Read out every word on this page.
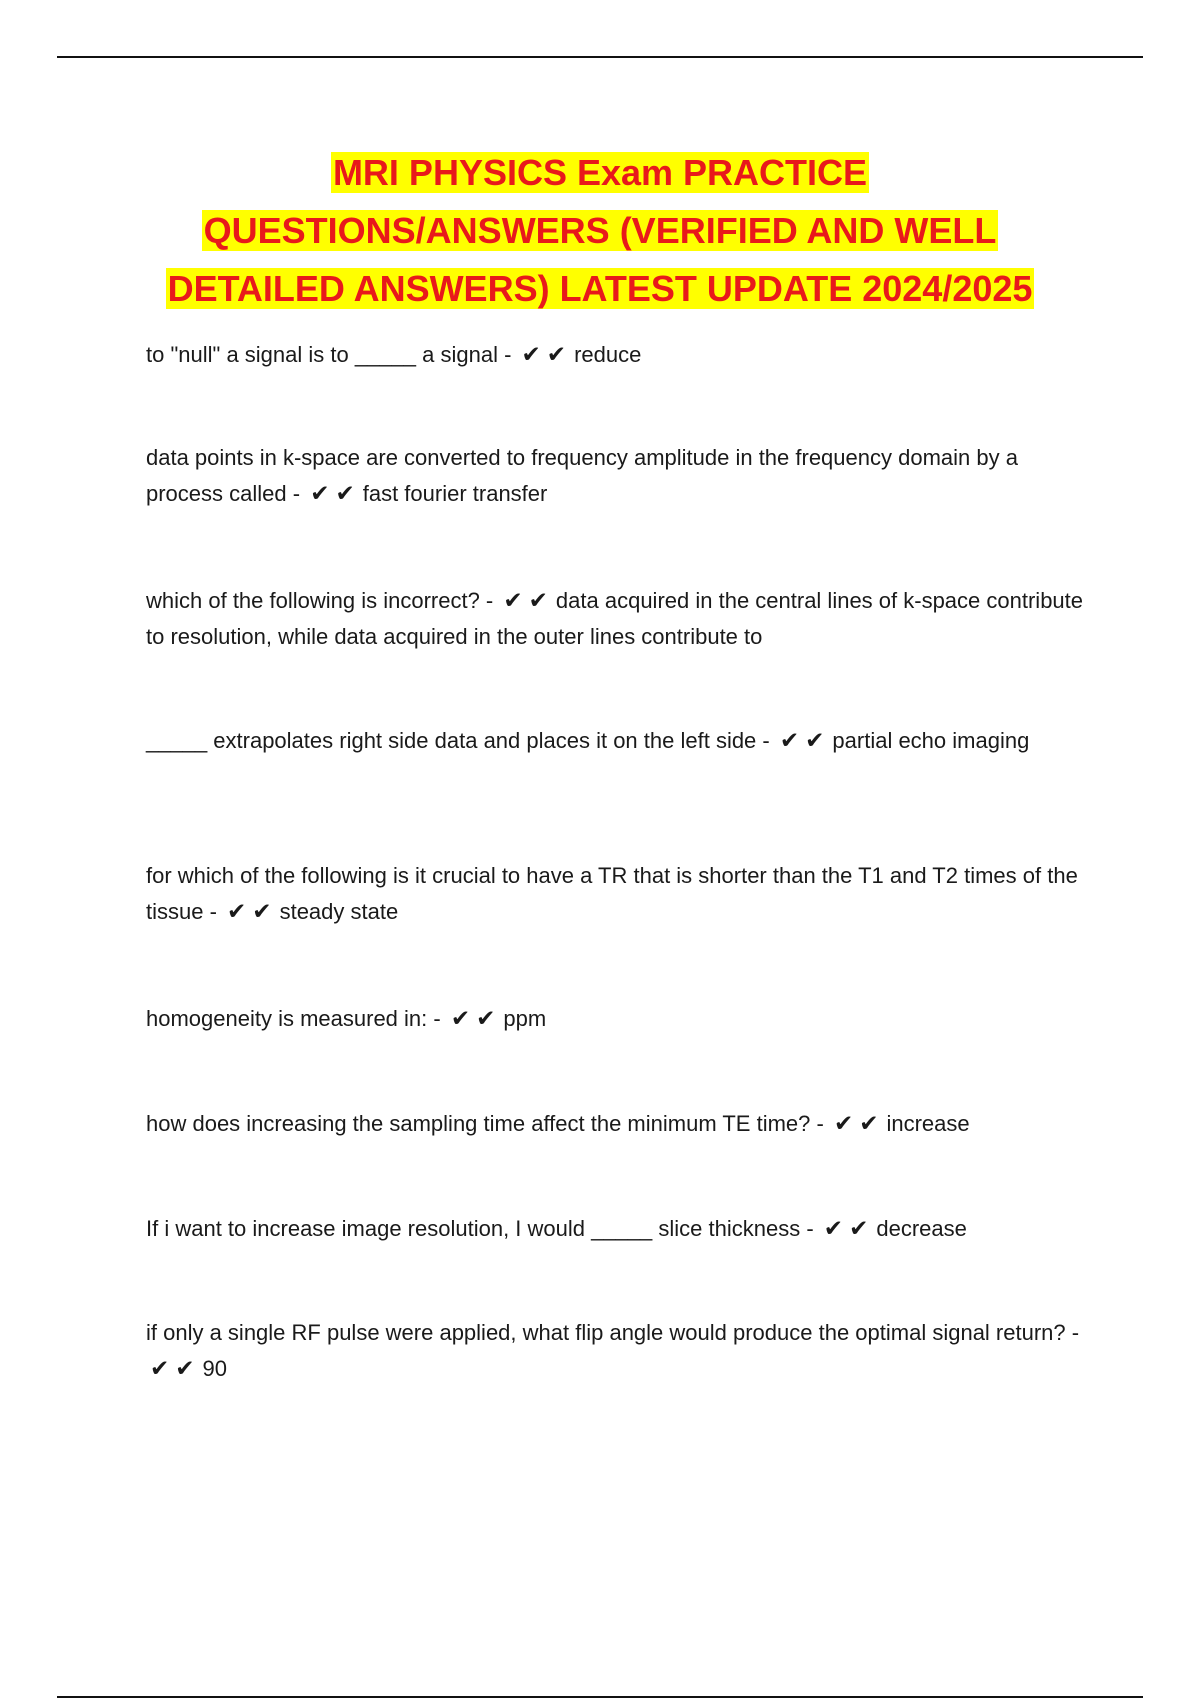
MRI PHYSICS Exam PRACTICE
QUESTIONS/ANSWERS (VERIFIED AND WELL
DETAILED ANSWERS) LATEST UPDATE 2024/2025

to "null" a signal is to _____ a signal - ✔✔reduce

data points in k-space are converted to frequency amplitude in the frequency domain by a process called - ✔✔fast fourier transfer

which of the following is incorrect? - ✔✔data acquired in the central lines of k-space contribute to resolution, while data acquired in the outer lines contribute to

_____ extrapolates right side data and places it on the left side - ✔✔partial echo imaging

for which of the following is it crucial to have a TR that is shorter than the T1 and T2 times of the tissue - ✔✔steady state

homogeneity is measured in: - ✔✔ppm

how does increasing the sampling time affect the minimum TE time? - ✔✔increase

If i want to increase image resolution, I would _____ slice thickness - ✔✔decrease

if only a single RF pulse were applied, what flip angle would produce the optimal signal return? - ✔✔90
